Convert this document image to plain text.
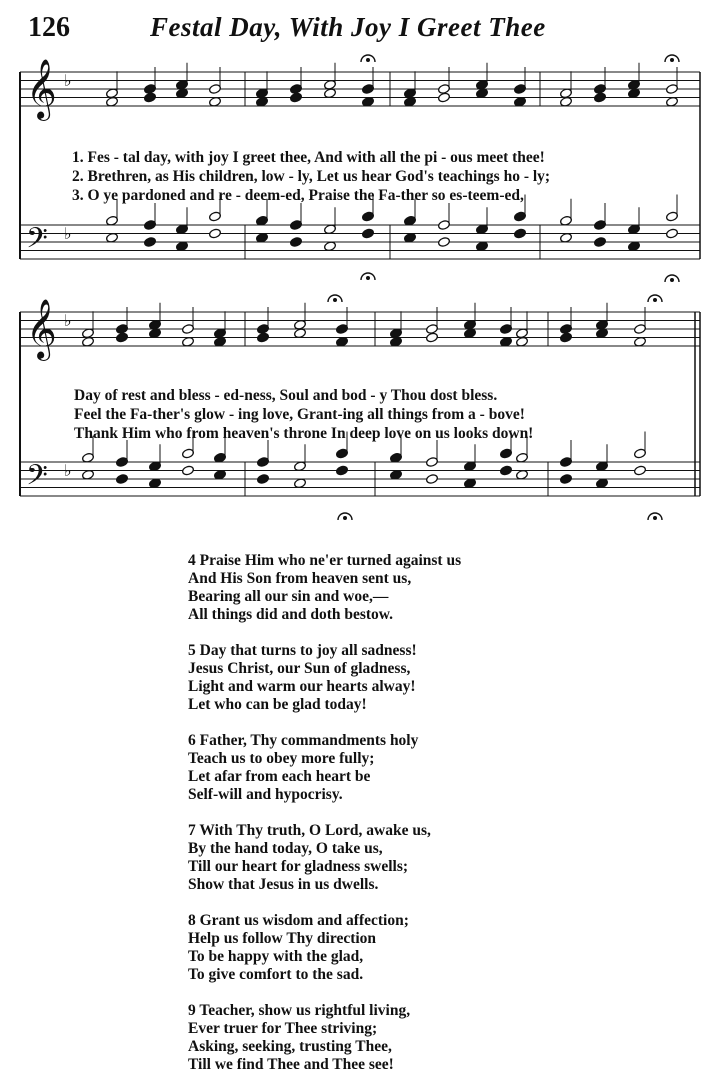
126	Festal Day, With Joy I Greet Thee
𝄞 ♭
𝄢 ♭
𝄞 ♭
𝄢 ♭
1. Fes - tal day, with joy I greet thee, And with all the pi - ous meet thee!
2. Brethren, as His children, low - ly, Let us hear God's teachings ho - ly;
3. O ye pardoned and re - deem-ed, Praise the Fa-ther so es-teem-ed,
Day of rest and bless - ed-ness, Soul and bod - y Thou dost bless.
Feel the Fa-ther's glow - ing love, Grant-ing all things from a - bove!
Thank Him who from heaven's throne In deep love on us looks down!
4 Praise Him who ne'er turned against us
And His Son from heaven sent us,
Bearing all our sin and woe,—
All things did and doth bestow.
5 Day that turns to joy all sadness!
Jesus Christ, our Sun of gladness,
Light and warm our hearts alway!
Let who can be glad today!
6 Father, Thy commandments holy
Teach us to obey more fully;
Let afar from each heart be
Self-will and hypocrisy.
7 With Thy truth, O Lord, awake us,
By the hand today, O take us,
Till our heart for gladness swells;
Show that Jesus in us dwells.
8 Grant us wisdom and affection;
Help us follow Thy direction
To be happy with the glad,
To give comfort to the sad.
9 Teacher, show us rightful living,
Ever truer for Thee striving;
Asking, seeking, trusting Thee,
Till we find Thee and Thee see!
